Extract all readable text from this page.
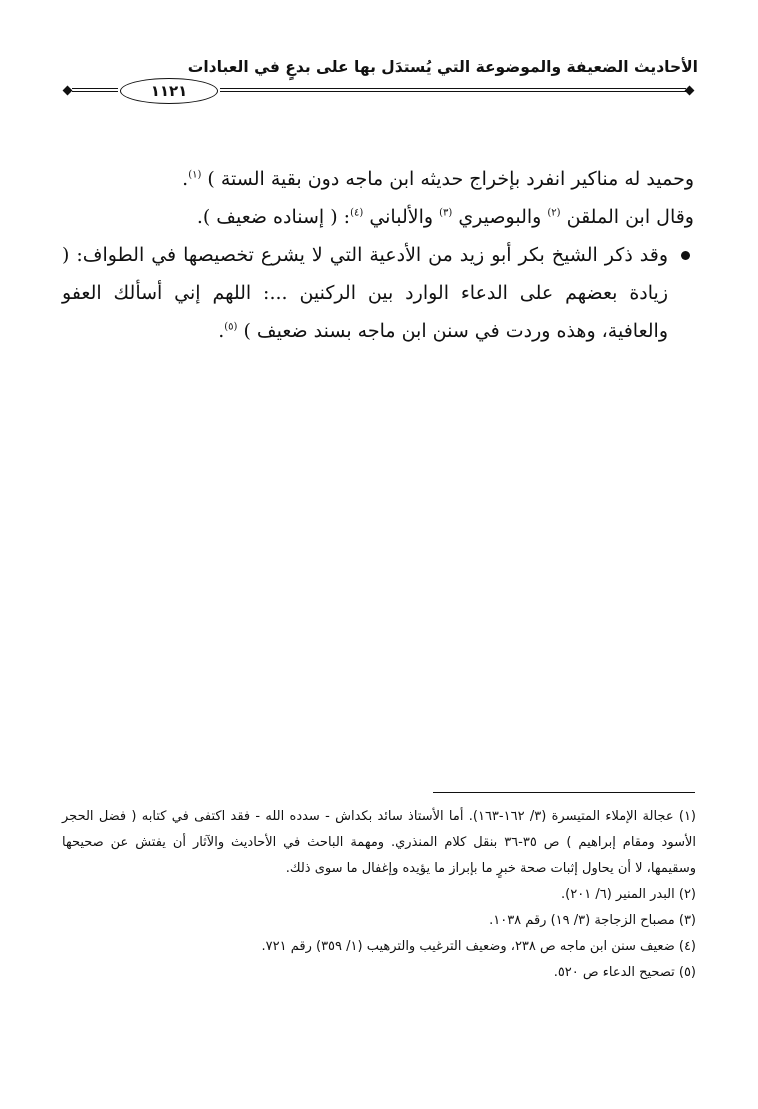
الأحاديث الضعيفة والموضوعة التي يُستدَل بها على بدعٍ في العبادات
١١٢١

وحميد له مناكير انفرد بإخراج حديثه ابن ماجه دون بقية الستة ) $^{(١)}$.

وقال ابن الملقن $^{(٢)}$ والبوصيري $^{(٣)}$ والألباني $^{(٤)}$: ( إسناده ضعيف ).

وقد ذكر الشيخ بكر أبو زيد من الأدعية التي لا يشرع تخصيصها في الطواف: ( زيادة بعضهم على الدعاء الوارد بين الركنين ...: اللهم إني أسألك العفو والعافية، وهذه وردت في سنن ابن ماجه بسند ضعيف ) $^{(٥)}$.

(١) عجالة الإملاء المتيسرة (٣/ ١٦٢-١٦٣). أما الأستاذ سائد بكداش - سدده الله - فقد اكتفى في كتابه ( فضل الحجر الأسود ومقام إبراهيم ) ص ٣٥-٣٦ بنقل كلام المنذري. ومهمة الباحث في الأحاديث والآثار أن يفتش عن صحيحها وسقيمها، لا أن يحاول إثبات صحة خبرٍ ما بإبراز ما يؤيده وإغفال ما سوى ذلك.

(٢) البدر المنير (٦/ ٢٠١).

(٣) مصباح الزجاجة (٣/ ١٩) رقم ١٠٣٨.

(٤) ضعيف سنن ابن ماجه ص ٢٣٨، وضعيف الترغيب والترهيب (١/ ٣٥٩) رقم ٧٢١.

(٥) تصحيح الدعاء ص ٥٢٠.
